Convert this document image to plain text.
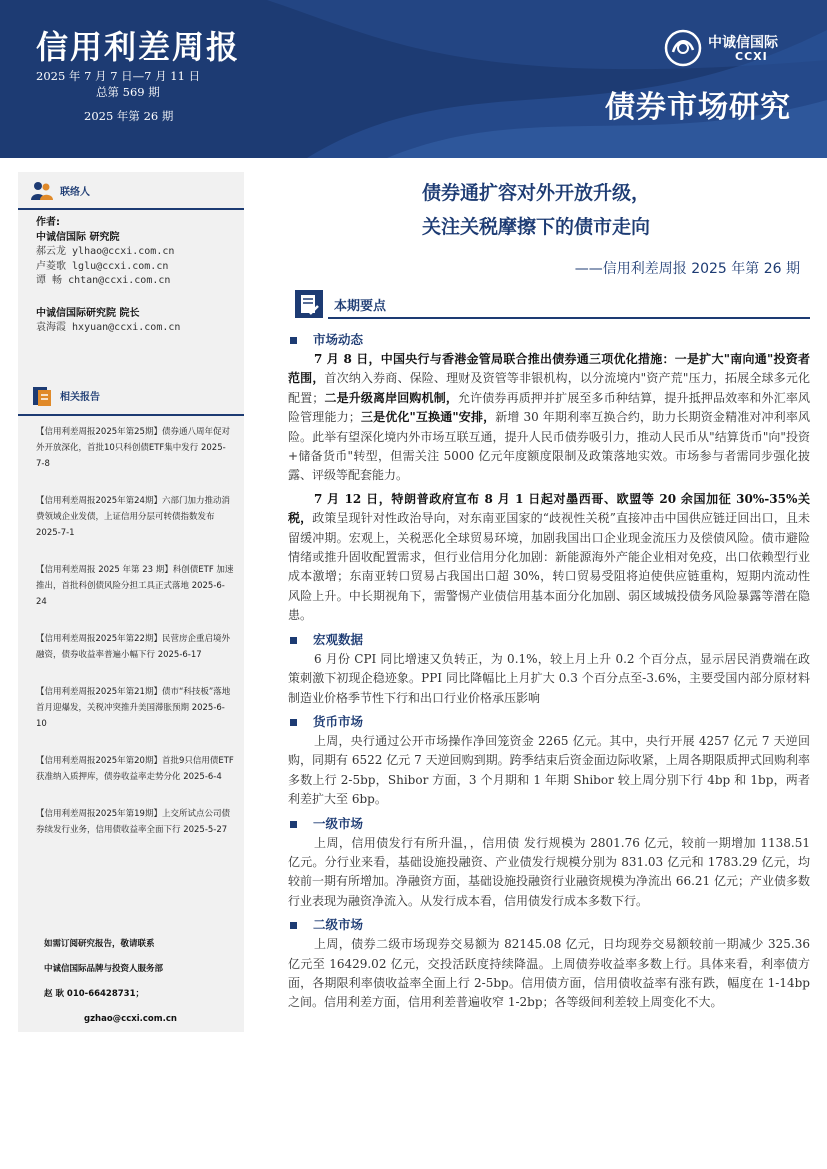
信用利差周报
2025 年 7 月 7 日—7 月 11 日
总第 569 期
2025 年第 26 期
中诚信国际
CCXI
债券市场研究
联络人
作者:
中诚信国际 研究院
郝云龙 ylhao@ccxi.com.cn
卢菱歌 lglu@ccxi.com.cn
谭 畅 chtan@ccxi.com.cn
中诚信国际研究院 院长
袁海霞 hxyuan@ccxi.com.cn
相关报告
【信用利差周报2025年第25期】债券通八周年促对外开放深化，首批10只科创债ETF集中发行 2025-7-8
【信用利差周报2025年第24期】六部门加力推动消费领域企业发债，上证信用分层可转债指数发布 2025-7-1
【信用利差周报 2025 年第 23 期】科创债ETF 加速推出，首批科创债风险分担工具正式落地 2025-6-24
【信用利差周报2025年第22期】民营房企重启境外融资，债券收益率普遍小幅下行 2025-6-17
【信用利差周报2025年第21期】债市“科技板”落地首月迎爆发，关税冲突推升美国滞胀预期 2025-6-10
【信用利差周报2025年第20期】首批9只信用债ETF获准纳入质押库，债券收益率走势分化 2025-6-4
【信用利差周报2025年第19期】上交所试点公司债券续发行业务，信用债收益率全面下行 2025-5-27
如需订阅研究报告，敬请联系
中诚信国际品牌与投资人服务部
赵 耿 010-66428731；
gzhao@ccxi.com.cn
债券通扩容对外开放升级，
关注关税摩擦下的债市走向
——信用利差周报 2025 年第 26 期
本期要点
市场动态

7 月 8 日，中国央行与香港金管局联合推出债券通三项优化措施：一是扩大"南向通"投资者范围，首次纳入券商、保险、理财及资管等非银机构，以分流境内"资产荒"压力，拓展全球多元化配置；二是升级离岸回购机制，允许债券再质押并扩展至多币种结算，提升抵押品效率和外汇率风险管理能力；三是优化"互换通"安排，新增 30 年期利率互换合约，助力长期资金精准对冲利率风险。此举有望深化境内外市场互联互通，提升人民币债券吸引力，推动人民币从"结算货币"向"投资+储备货币"转型，但需关注 5000 亿元年度额度限制及政策落地实效。市场参与者需同步强化披露、评级等配套能力。

7 月 12 日，特朗普政府宣布 8 月 1 日起对墨西哥、欧盟等 20 余国加征 30%-35%关税，政策呈现针对性政治导向，对东南亚国家的“歧视性关税”直接冲击中国供应链迂回出口，且未留缓冲期。宏观上，关税恶化全球贸易环境，加剧我国出口企业现金流压力及偿债风险。债市避险情绪或推升固收配置需求，但行业信用分化加剧：新能源海外产能企业相对免疫，出口依赖型行业成本激增；东南亚转口贸易占我国出口超 30%，转口贸易受阻将迫使供应链重构，短期内流动性风险上升。中长期视角下，需警惕产业债信用基本面分化加剧、弱区域城投债务风险暴露等潜在隐患。

宏观数据

6 月份 CPI 同比增速又负转正，为 0.1%，较上月上升 0.2 个百分点，显示居民消费端在政策刺激下初现企稳迹象。PPI 同比降幅比上月扩大 0.3 个百分点至-3.6%，主要受国内部分原材料制造业价格季节性下行和出口行业价格承压影响

货币市场

上周，央行通过公开市场操作净回笼资金 2265 亿元。其中，央行开展 4257 亿元 7 天逆回购，同期有 6522 亿元 7 天逆回购到期。跨季结束后资金面边际收紧，上周各期限质押式回购利率多数上行 2-5bp，Shibor 方面，3 个月期和 1 年期 Shibor 较上周分别下行 4bp 和 1bp，两者利差扩大至 6bp。

一级市场

上周，信用债发行有所升温，，信用债 发行规模为 2801.76 亿元，较前一期增加 1138.51 亿元。分行业来看，基础设施投融资、产业债发行规模分别为 831.03 亿元和 1783.29 亿元，均较前一期有所增加。净融资方面，基础设施投融资行业融资规模为净流出 66.21 亿元；产业债多数行业表现为融资净流入。从发行成本看，信用债发行成本多数下行。

二级市场

上周，债券二级市场现券交易额为 82145.08 亿元，日均现券交易额较前一期减少 325.36 亿元至 16429.02 亿元，交投活跃度持续降温。上周债券收益率多数上行。具体来看，利率债方面，各期限利率债收益率全面上行 2-5bp。信用债方面，信用债收益率有涨有跌，幅度在 1-14bp 之间。信用利差方面，信用利差普遍收窄 1-2bp；各等级间利差较上周变化不大。
